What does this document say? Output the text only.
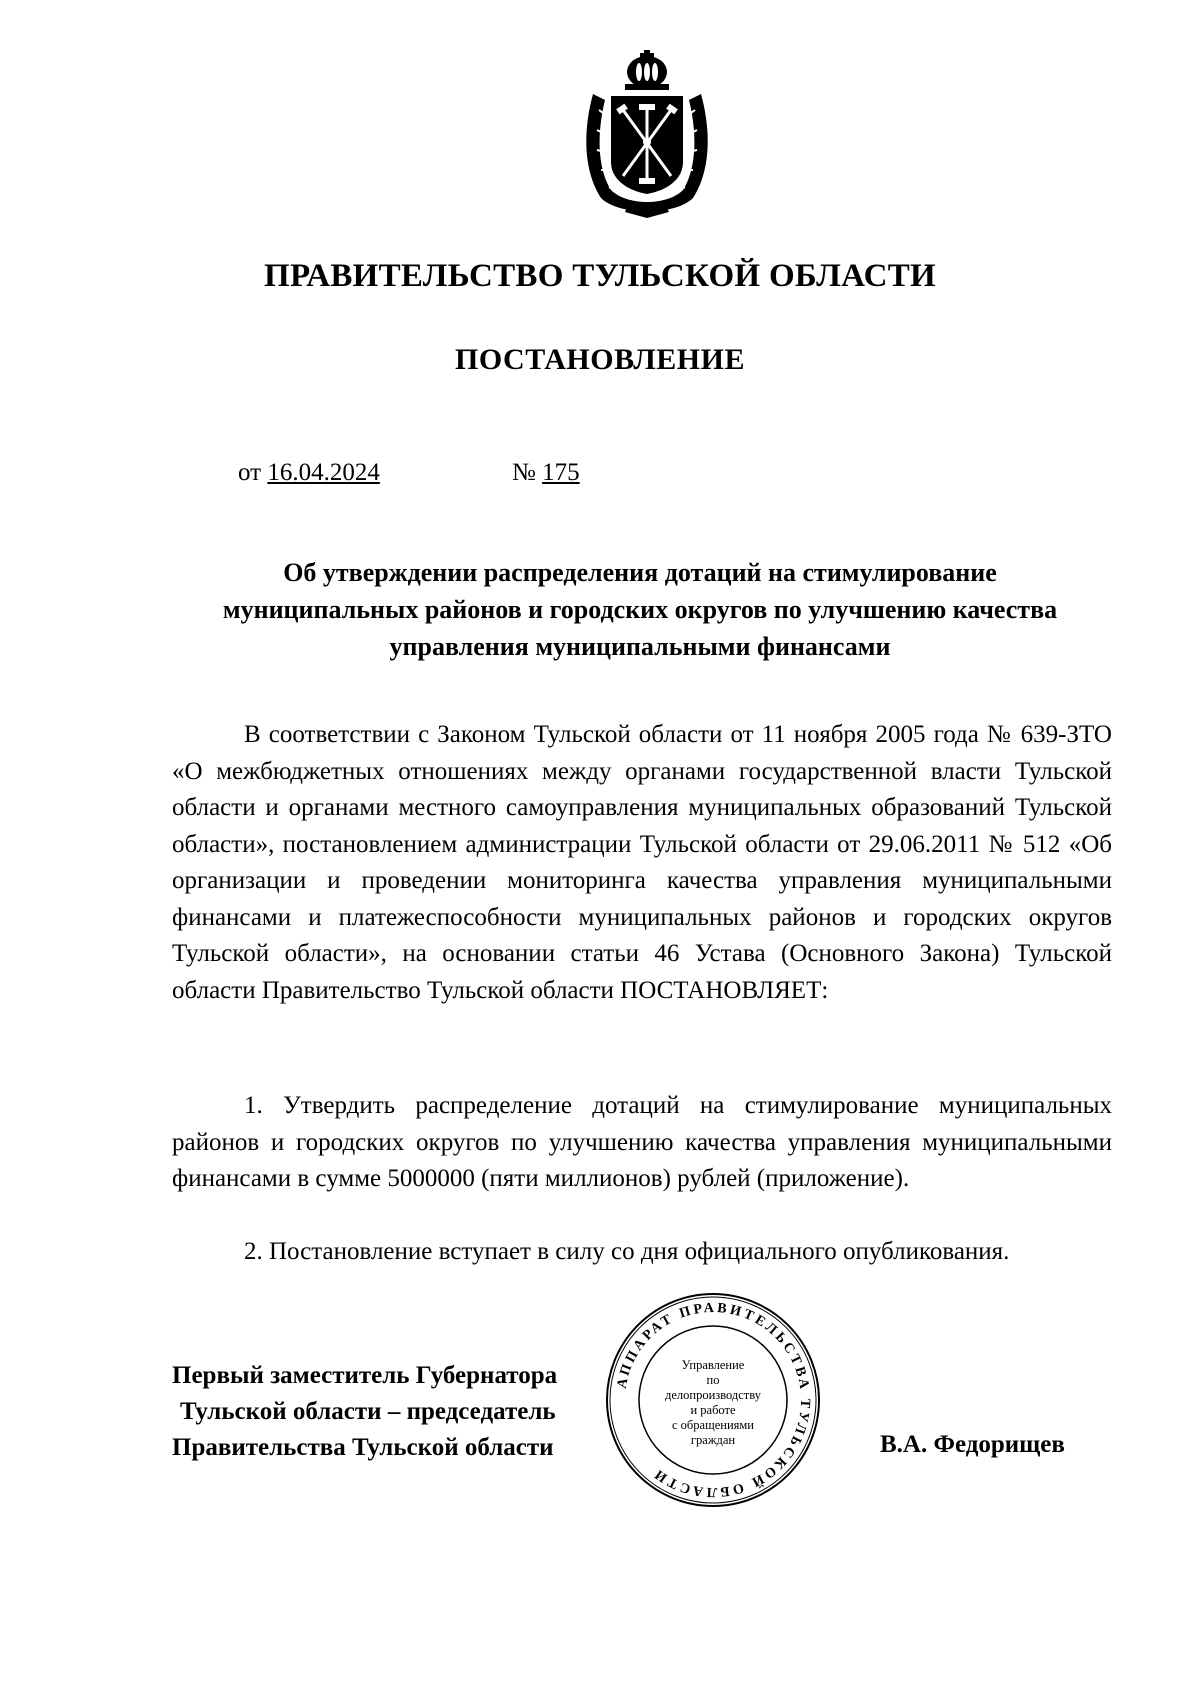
ПРАВИТЕЛЬСТВО ТУЛЬСКОЙ ОБЛАСТИ
ПОСТАНОВЛЕНИЕ
от 16.04.2024	№ 175
Об утверждении распределения дотаций на стимулирование
муниципальных районов и городских округов по улучшению качества
управления муниципальными финансами
В соответствии с Законом Тульской области от 11 ноября 2005 года № 639-ЗТО «О межбюджетных отношениях между органами государственной власти Тульской области и органами местного самоуправления муниципальных образований Тульской области», постановлением администрации Тульской области от 29.06.2011 № 512 «Об организации и проведении мониторинга качества управления муниципальными финансами и платежеспособности муниципальных районов и городских округов Тульской области», на основании статьи 46 Устава (Основного Закона) Тульской области Правительство Тульской области ПОСТАНОВЛЯЕТ:
1. Утвердить распределение дотаций на стимулирование муниципальных районов и городских округов по улучшению качества управления муниципальными финансами в сумме 5000000 (пяти миллионов) рублей (приложение).
2. Постановление вступает в силу со дня официального опубликования.
Первый заместитель Губернатора
Тульской области – председатель
Правительства Тульской области	В.А. Федорищев
АППАРАТ ПРАВИТЕЛЬСТВА ТУЛЬСКОЙ ОБЛАСТИ
Управление
по делопроизводству
и работе
с обращениями
граждан
